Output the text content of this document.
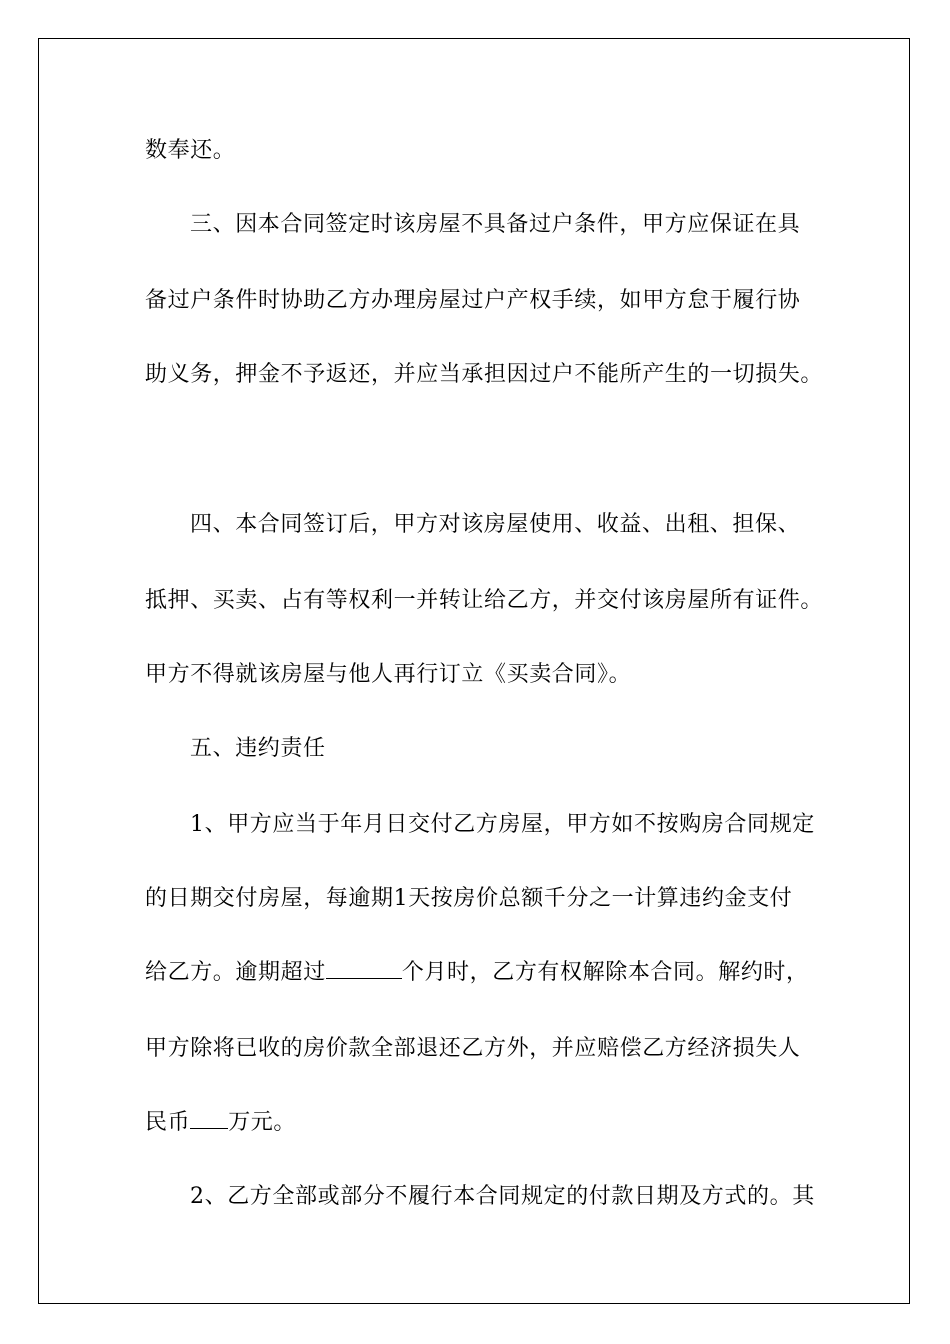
数奉还。
三、因本合同签定时该房屋不具备过户条件，甲方应保证在具
备过户条件时协助乙方办理房屋过户产权手续，如甲方怠于履行协
助义务，押金不予返还，并应当承担因过户不能所产生的一切损失。
四、本合同签订后，甲方对该房屋使用、收益、出租、担保、
抵押、买卖、占有等权利一并转让给乙方，并交付该房屋所有证件。
甲方不得就该房屋与他人再行订立《买卖合同》。
五、违约责任
1、甲方应当于年月日交付乙方房屋，甲方如不按购房合同规定
的日期交付房屋，每逾期1天按房价总额千分之一计算违约金支付
给乙方。逾期超过	个月时，乙方有权解除本合同。解约时，
甲方除将已收的房价款全部退还乙方外，并应赔偿乙方经济损失人
民币 万元。
2、乙方全部或部分不履行本合同规定的付款日期及方式的。其
